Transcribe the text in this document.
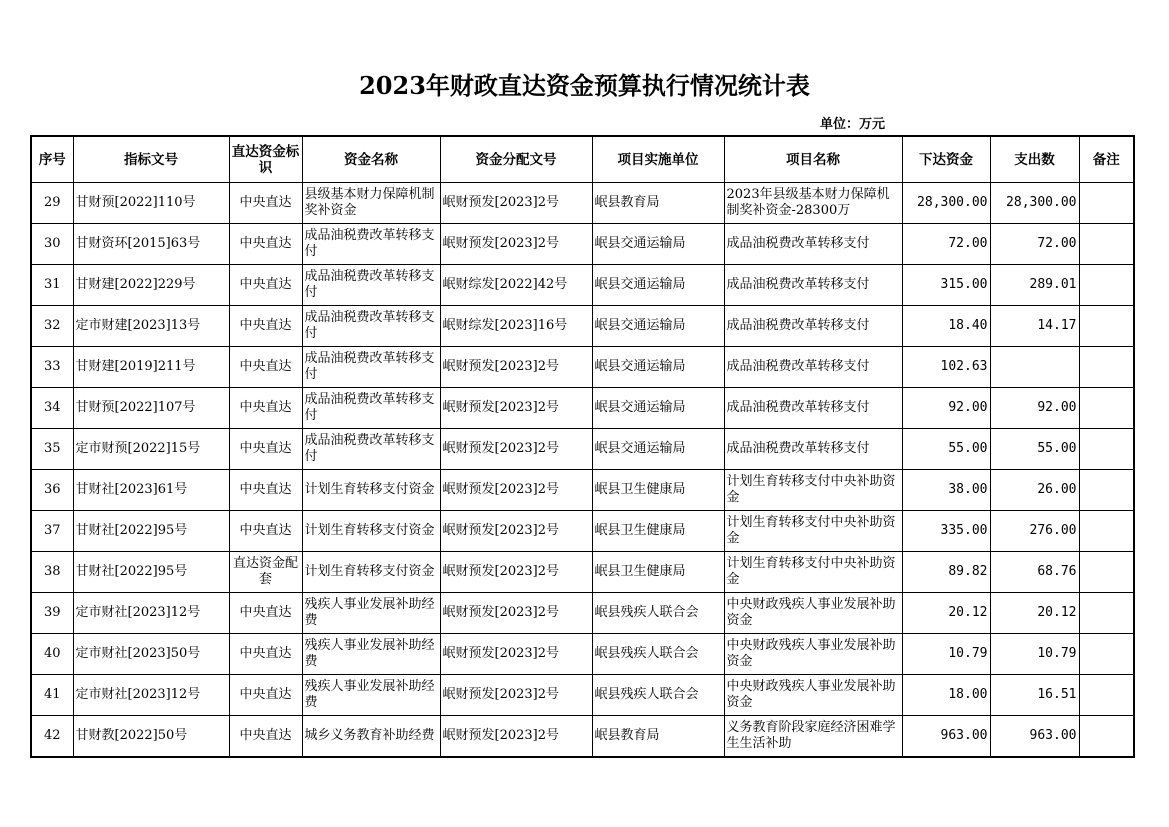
2023年财政直达资金预算执行情况统计表
单位：万元
序号	指标文号	直达资金标识	资金名称	资金分配文号	项目实施单位	项目名称	下达资金	支出数	备注
29	甘财预[2022]110号	中央直达	县级基本财力保障机制奖补资金	岷财预发[2023]2号	岷县教育局	2023年县级基本财力保障机制奖补资金-28300万	28,300.00	28,300.00	
30	甘财资环[2015]63号	中央直达	成品油税费改革转移支付	岷财预发[2023]2号	岷县交通运输局	成品油税费改革转移支付	72.00	72.00	
31	甘财建[2022]229号	中央直达	成品油税费改革转移支付	岷财综发[2022]42号	岷县交通运输局	成品油税费改革转移支付	315.00	289.01	
32	定市财建[2023]13号	中央直达	成品油税费改革转移支付	岷财综发[2023]16号	岷县交通运输局	成品油税费改革转移支付	18.40	14.17	
33	甘财建[2019]211号	中央直达	成品油税费改革转移支付	岷财预发[2023]2号	岷县交通运输局	成品油税费改革转移支付	102.63		
34	甘财预[2022]107号	中央直达	成品油税费改革转移支付	岷财预发[2023]2号	岷县交通运输局	成品油税费改革转移支付	92.00	92.00	
35	定市财预[2022]15号	中央直达	成品油税费改革转移支付	岷财预发[2023]2号	岷县交通运输局	成品油税费改革转移支付	55.00	55.00	
36	甘财社[2023]61号	中央直达	计划生育转移支付资金	岷财预发[2023]2号	岷县卫生健康局	计划生育转移支付中央补助资金	38.00	26.00	
37	甘财社[2022]95号	中央直达	计划生育转移支付资金	岷财预发[2023]2号	岷县卫生健康局	计划生育转移支付中央补助资金	335.00	276.00	
38	甘财社[2022]95号	直达资金配套	计划生育转移支付资金	岷财预发[2023]2号	岷县卫生健康局	计划生育转移支付中央补助资金	89.82	68.76	
39	定市财社[2023]12号	中央直达	残疾人事业发展补助经费	岷财预发[2023]2号	岷县残疾人联合会	中央财政残疾人事业发展补助资金	20.12	20.12	
40	定市财社[2023]50号	中央直达	残疾人事业发展补助经费	岷财预发[2023]2号	岷县残疾人联合会	中央财政残疾人事业发展补助资金	10.79	10.79	
41	定市财社[2023]12号	中央直达	残疾人事业发展补助经费	岷财预发[2023]2号	岷县残疾人联合会	中央财政残疾人事业发展补助资金	18.00	16.51	
42	甘财教[2022]50号	中央直达	城乡义务教育补助经费	岷财预发[2023]2号	岷县教育局	义务教育阶段家庭经济困难学生生活补助	963.00	963.00	
